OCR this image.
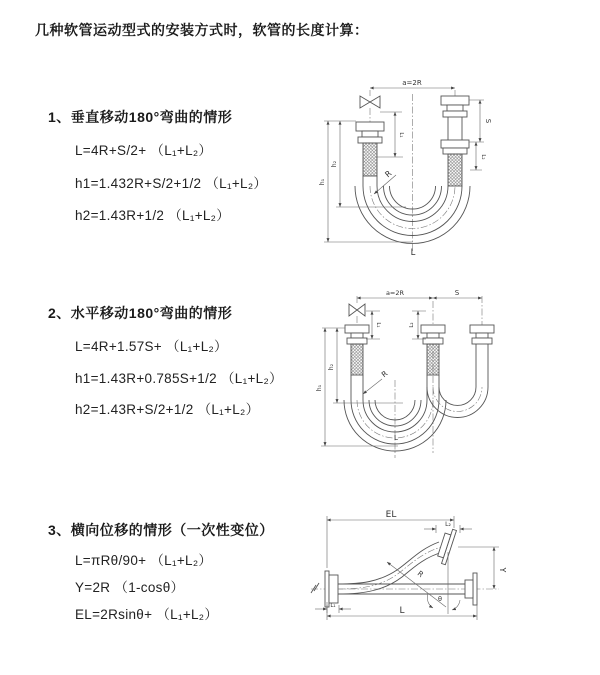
几种软管运动型式的安装方式时，软管的长度计算：
1、垂直移动180°弯曲的情形
L=4R+S/2+ （L₁+L₂）
h1=1.432R+S/2+1/2 （L₁+L₂）
h2=1.43R+1/2 （L₁+L₂）
2、水平移动180°弯曲的情形
L=4R+1.57S+ （L₁+L₂）
h1=1.43R+0.785S+1/2 （L₁+L₂）
h2=1.43R+S/2+1/2 （L₁+L₂）
3、横向位移的情形（一次性变位）
L=πRθ/90+ （L₁+L₂）
Y=2R （1-cosθ）
EL=2Rsinθ+ （L₁+L₂）
a=2R
S
L₂
L₁
h₁
h₂
R
L
a=2R	S
L₁	L₂
h₁
h₂
R
L
EL
L₂
Y
L
L₁
R
θ
